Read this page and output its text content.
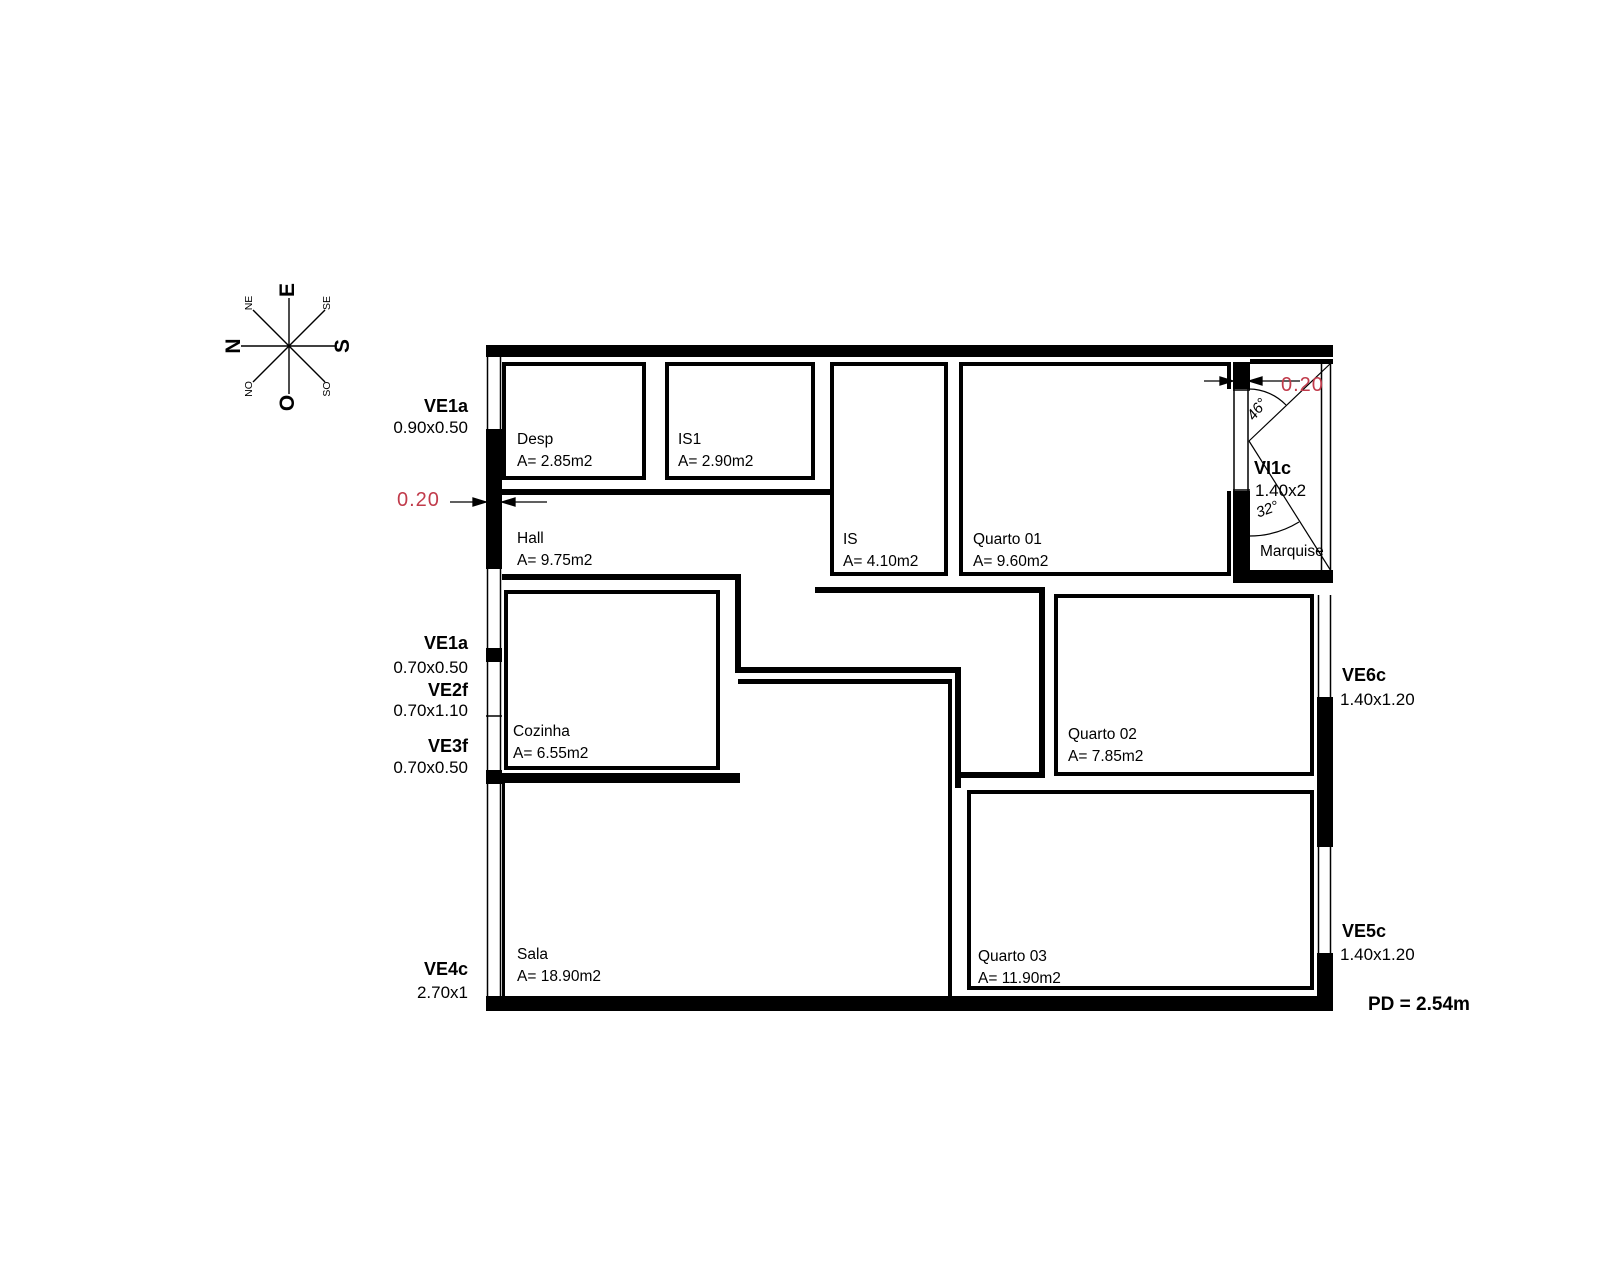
E
S
O
N
NE	SE
SO
NO
Desp
A= 2.85m2
IS1
A= 2.90m2
IS
A= 4.10m2
Quarto 01
A= 9.60m2
Hall
A= 9.75m2
Cozinha
A= 6.55m2
Quarto 02
A= 7.85m2
Sala
A= 18.90m2
Quarto 03
A= 11.90m2
VE1a
0.90x0.50
VE1a
0.70x0.50
VE2f
0.70x1.10
VE3f
0.70x0.50
VE4c
2.70x1
VE6c
1.40x1.20
VE5c
1.40x1.20
VI1c
1.40x2
Marquise
46°
32°
0.20
0.20
PD = 2.54m
